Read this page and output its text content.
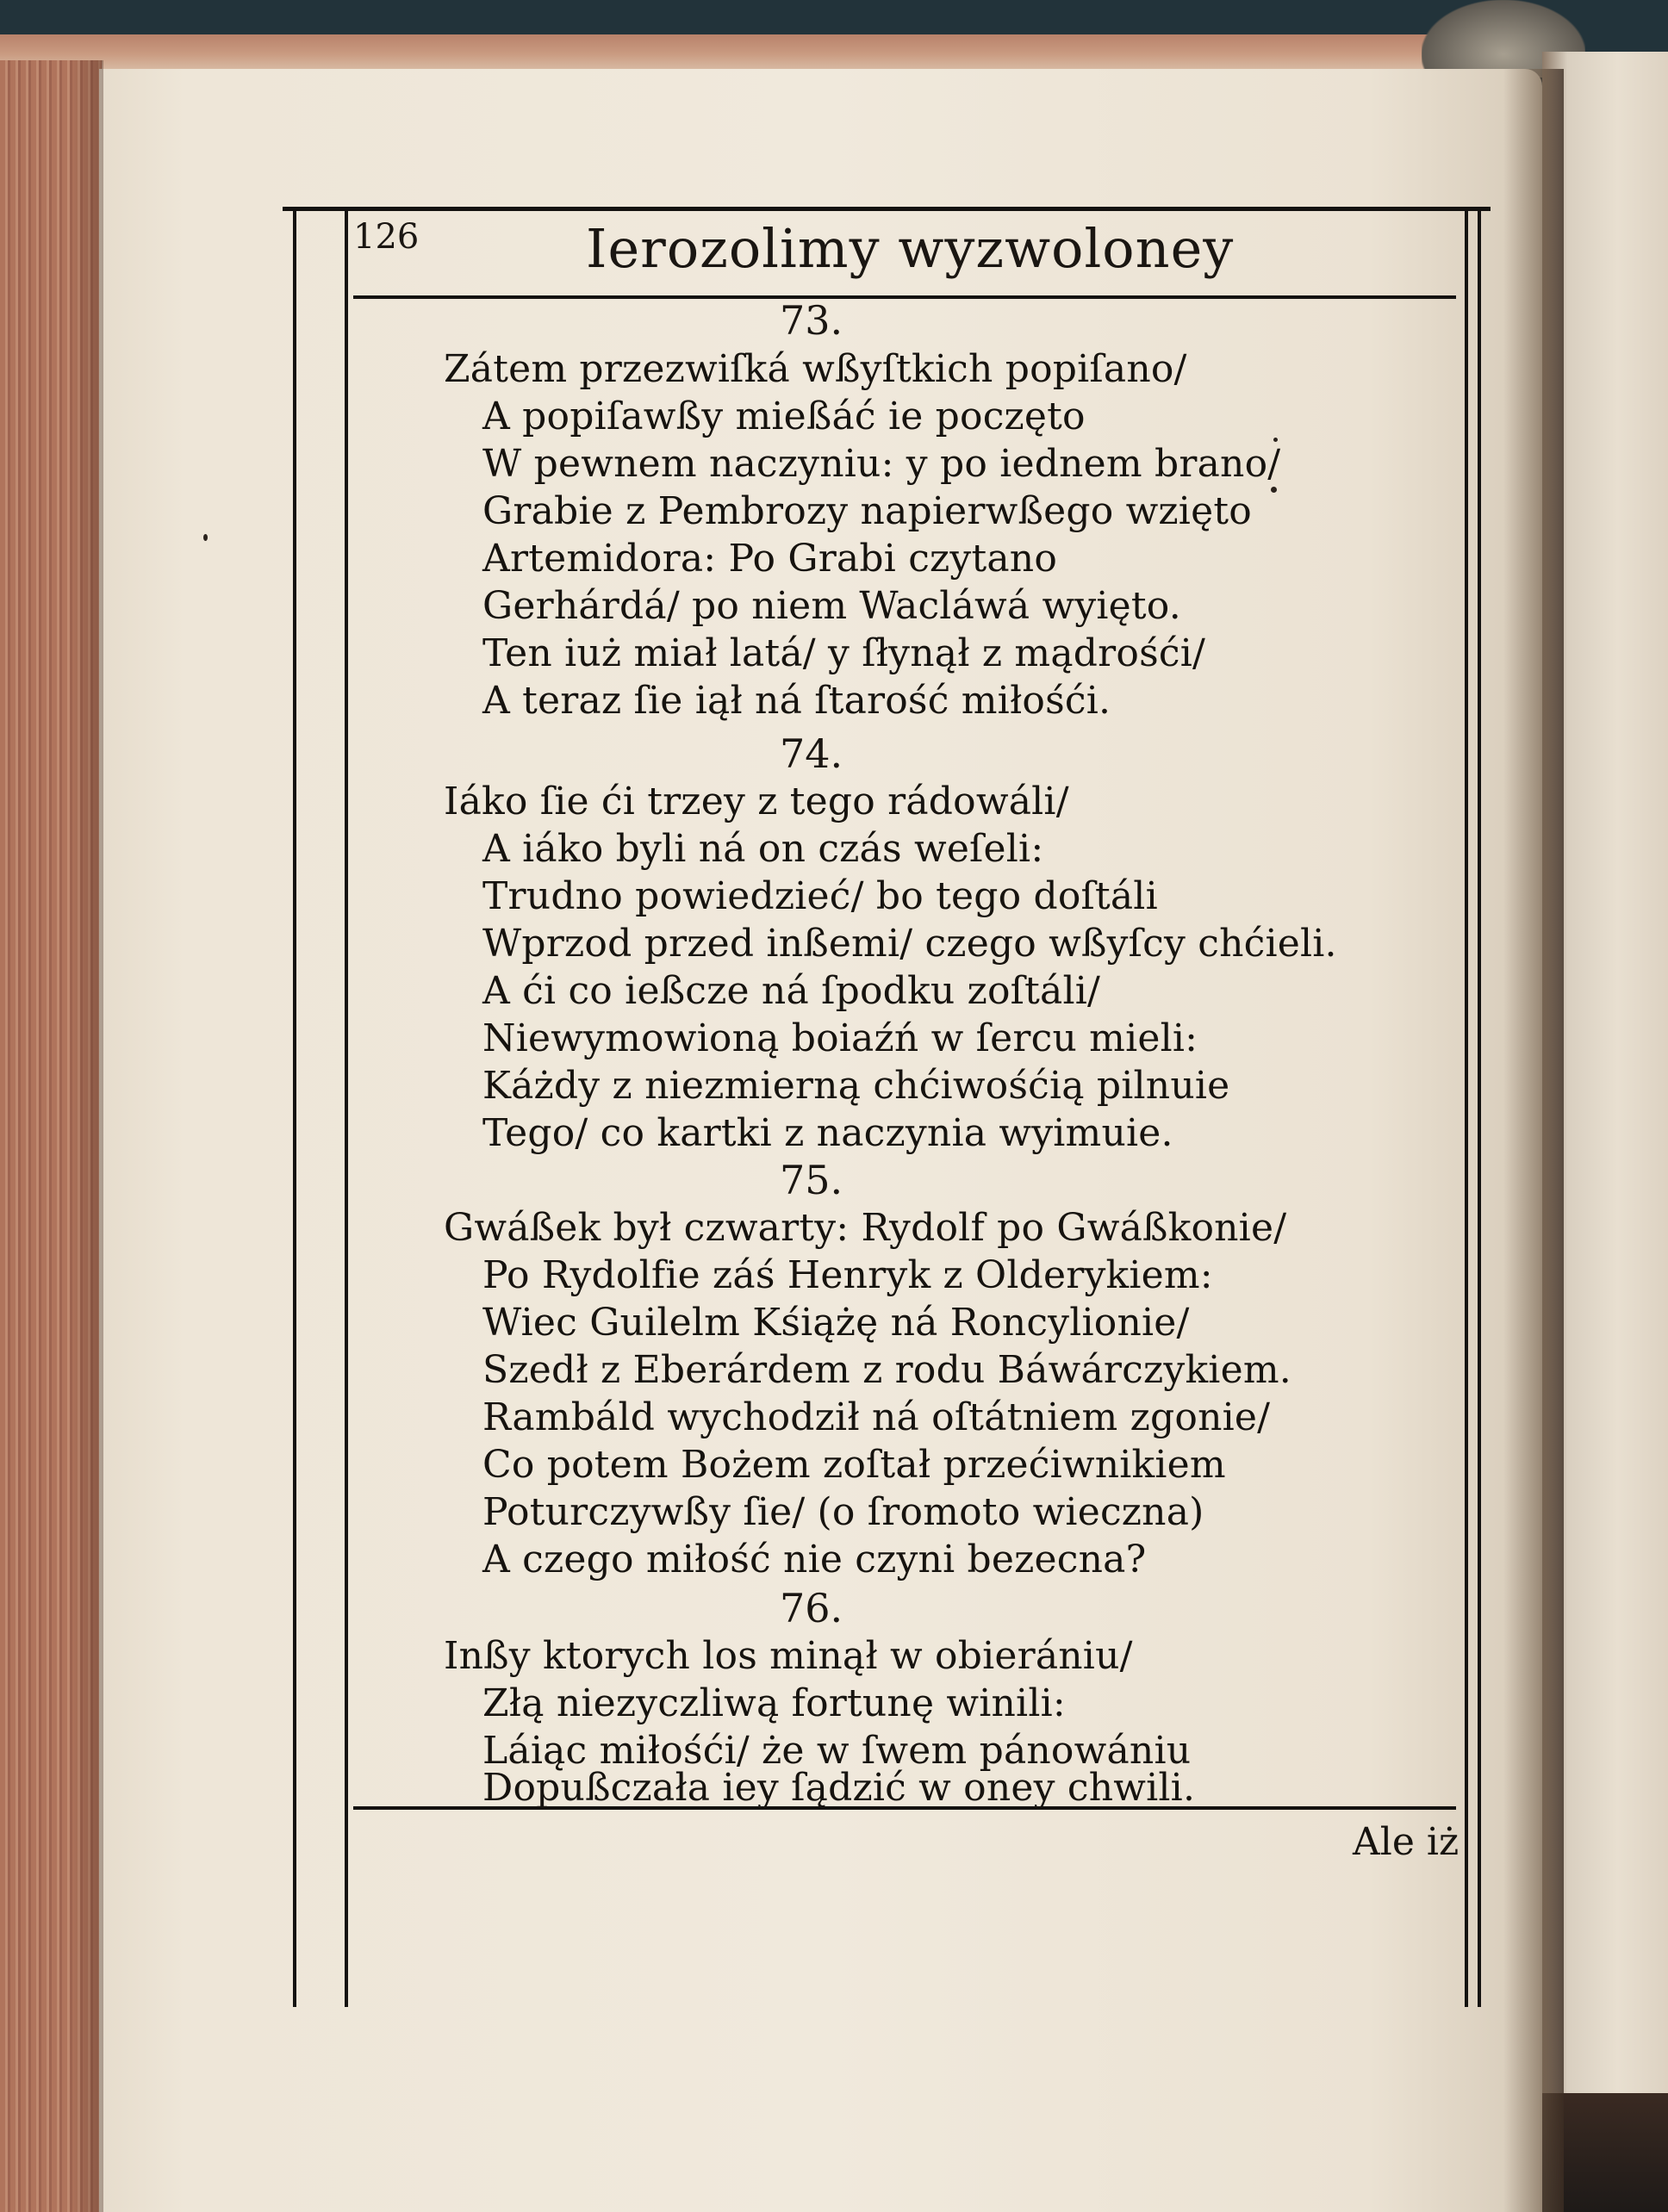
126	Ierozolimy wyzwoloney
73.
Zátem przezwiſká wßyſtkich popiſano/
A popiſawßy mießáć ie poczęto
W pewnem naczyniu: y po iednem brano/
Grabie z Pembrozy napierwßego wzięto
Artemidora: Po Grabi czytano
Gerhárdá/ po niem Wacláwá wyięto.
Ten iuż miał latá/ y ſłynął z mądrośći/
A teraz ſie iął ná ſtarość miłośći.
74.
Iáko ſie ći trzey z tego rádowáli/
A iáko byli ná on czás weſeli:
Trudno powiedzieć/ bo tego doſtáli
Wprzod przed inßemi/ czego wßyſcy chćieli.
A ći co ießcze ná ſpodku zoſtáli/
Niewymowioną boiaźń w ſercu mieli:
Káżdy z niezmierną chćiwośćią pilnuie
Tego/ co kartki z naczynia wyimuie.
75.
Gwáßek był czwarty: Rydolf po Gwáßkonie/
Po Rydolfie záś Henryk z Olderykiem:
Wiec Guilelm Kśiążę ná Roncylionie/
Szedł z Eberárdem z rodu Báwárczykiem.
Rambáld wychodził ná oſtátniem zgonie/
Co potem Bożem zoſtał przećiwnikiem
Poturczywßy ſie/ (o ſromoto wieczna)
A czego miłość nie czyni bezecna?
76.
Inßy ktorych los minął w obierániu/
Złą niezyczliwą fortunę winili:
Láiąc miłośći/ że w ſwem pánowániu
Dopußczała iey ſądzić w oney chwili.
Ale iż
